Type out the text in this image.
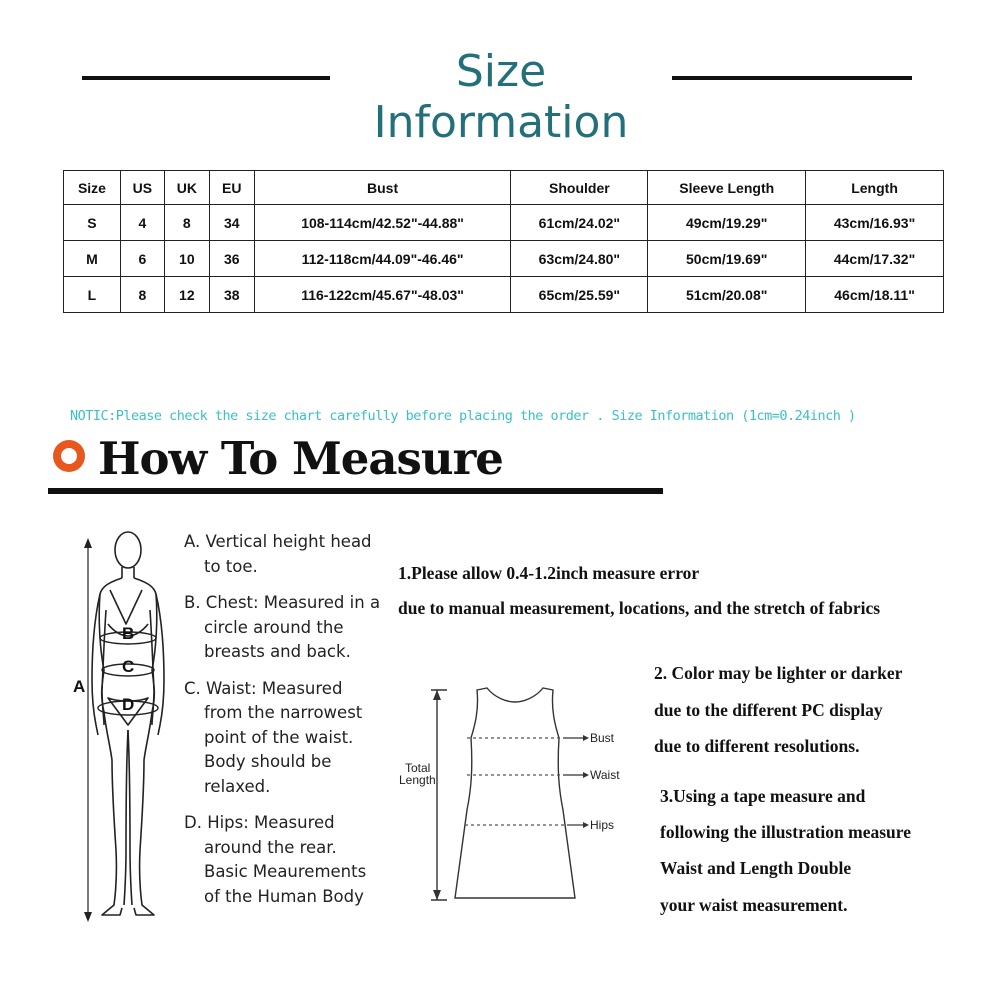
Size Information
Size	US	UK	EU	Bust	Shoulder	Sleeve Length	Length
S	4	8	34	108-114cm/42.52"-44.88"	61cm/24.02"	49cm/19.29"	43cm/16.93"
M	6	10	36	112-118cm/44.09"-46.46"	63cm/24.80"	50cm/19.69"	44cm/17.32"
L	8	12	38	116-122cm/45.67"-48.03"	65cm/25.59"	51cm/20.08"	46cm/18.11"
NOTIC:Please check the size chart carefully before placing the order . Size Information (1cm=0.24inch )
How To Measure
A
B
C
D
A. Vertical height head
to toe.
B. Chest: Measured in a
circle around the
breasts and back.
C. Waist: Measured
from the narrowest
point of the waist.
Body should be
relaxed.
D. Hips: Measured
around the rear.
Basic Meaurements
of the Human Body
1.Please allow 0.4-1.2inch measure error
due to manual measurement, locations, and the stretch of fabrics
2. Color may be lighter or darker
due to the different PC display
due to different resolutions.
3.Using a tape measure and
following the illustration measure
Waist and Length Double
your waist measurement.
Total
Length
Bust
Waist
Hips
